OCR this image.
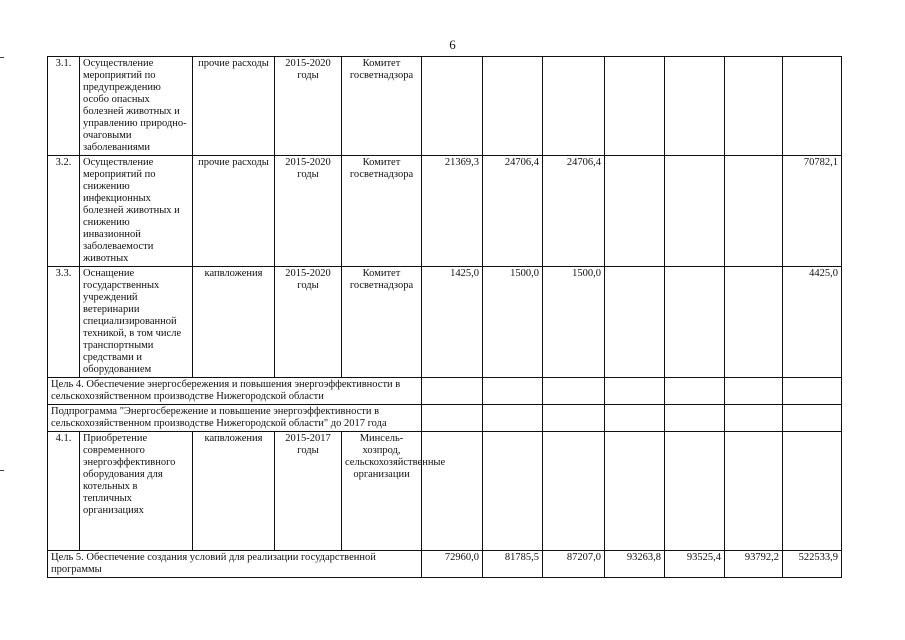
6
3.1.	Осуществление мероприятий по предупреждению особо опасных болезней животных и управлению природно-очаговыми заболеваниями	прочие расходы	2015-2020 годы	Комитет госветнадзора							
3.2.	Осуществление мероприятий по снижению инфекционных болезней животных и снижению инвазионной заболеваемости животных	прочие расходы	2015-2020 годы	Комитет госветнадзора	21369,3	24706,4	24706,4				70782,1
3.3.	Оснащение государственных учреждений ветеринарии специализированной техникой, в том числе транспортными средствами и оборудованием	капвложения	2015-2020 годы	Комитет госветнадзора	1425,0	1500,0	1500,0				4425,0
Цель 4. Обеспечение энергосбережения и повышения энергоэффективности в сельскохозяйственном производстве Нижегородской области											
Подпрограмма "Энергосбережение и повышение энергоэффективности в сельскохозяйственном производстве Нижегородской области" до 2017 года											
4.1.	Приобретение современного энергоэффективного оборудования для котельных в тепличных организациях	капвложения	2015-2017 годы	Минсель-хозпрод, сельскохозяйственные организации							
Цель 5. Обеспечение создания условий для реализации государственной программы					72960,0	81785,5	87207,0	93263,8	93525,4	93792,2	522533,9
